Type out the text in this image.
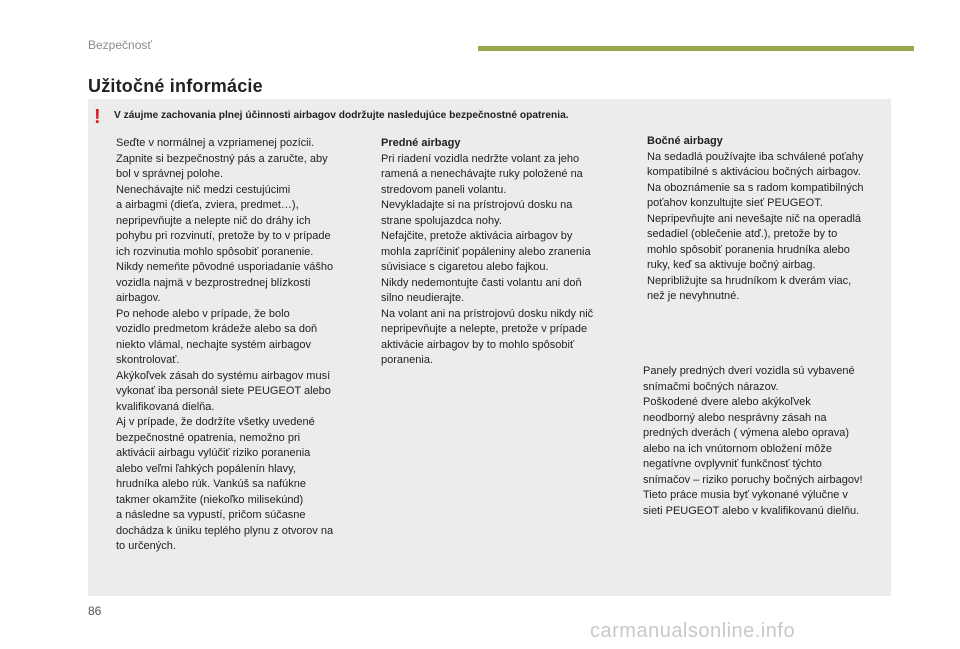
Bezpečnosť
Užitočné informácie
! V záujme zachovania plnej účinnosti airbagov dodržujte nasledujúce bezpečnostné opatrenia.

Seďte v normálnej a vzpriamenej pozícii.

Zapnite si bezpečnostný pás a zaručte, aby

bol v správnej polohe.

Nenechávajte nič medzi cestujúcimi

a airbagmi (dieťa, zviera, predmet…),

nepripevňujte a nelepte nič do dráhy ich

pohybu pri rozvinutí, pretože by to v prípade

ich rozvinutia mohlo spôsobiť poranenie.

Nikdy nemeňte pôvodné usporiadanie vášho

vozidla najmä v bezprostrednej blízkosti

airbagov.

Po nehode alebo v prípade, že bolo

vozidlo predmetom krádeže alebo sa doň

niekto vlámal, nechajte systém airbagov

skontrolovať.

Akýkoľvek zásah do systému airbagov musí

vykonať iba personál siete PEUGEOT alebo

kvalifikovaná dielňa.

Aj v prípade, že dodržíte všetky uvedené

bezpečnostné opatrenia, nemožno pri

aktivácii airbagu vylúčiť riziko poranenia

alebo veľmi ľahkých popálenín hlavy,

hrudníka alebo rúk. Vankúš sa nafúkne

takmer okamžite (niekoľko milisekúnd)

a následne sa vypustí, pričom súčasne

dochádza k úniku teplého plynu z otvorov na

to určených.

Predné airbagy

Pri riadení vozidla nedržte volant za jeho

ramená a nenechávajte ruky položené na

stredovom paneli volantu.

Nevykladajte si na prístrojovú dosku na

strane spolujazdca nohy.

Nefajčite, pretože aktivácia airbagov by

mohla zapríčiniť popáleniny alebo zranenia

súvisiace s cigaretou alebo fajkou.

Nikdy nedemontujte časti volantu ani doň

silno neudierajte.

Na volant ani na prístrojovú dosku nikdy nič

nepripevňujte a nelepte, pretože v prípade

aktivácie airbagov by to mohlo spôsobiť

poranenia.

Bočné airbagy

Na sedadlá používajte iba schválené poťahy

kompatibilné s aktiváciou bočných airbagov.

Na oboznámenie sa s radom kompatibilných

poťahov konzultujte sieť PEUGEOT.

Nepripevňujte ani nevešajte nič na operadlá

sedadiel (oblečenie atď.), pretože by to

mohlo spôsobiť poranenia hrudníka alebo

ruky, keď sa aktivuje bočný airbag.

Nepribližujte sa hrudníkom k dverám viac,

než je nevyhnutné.

Panely predných dverí vozidla sú vybavené

snímačmi bočných nárazov.

Poškodené dvere alebo akýkoľvek

neodborný alebo nesprávny zásah na

predných dverách ( výmena alebo oprava)

alebo na ich vnútornom obložení môže

negatívne ovplyvniť funkčnosť týchto

snímačov – riziko poruchy bočných airbagov!

Tieto práce musia byť vykonané výlučne v

sieti PEUGEOT alebo v kvalifikovanú dielňu.

86
carmanualsonline.info
